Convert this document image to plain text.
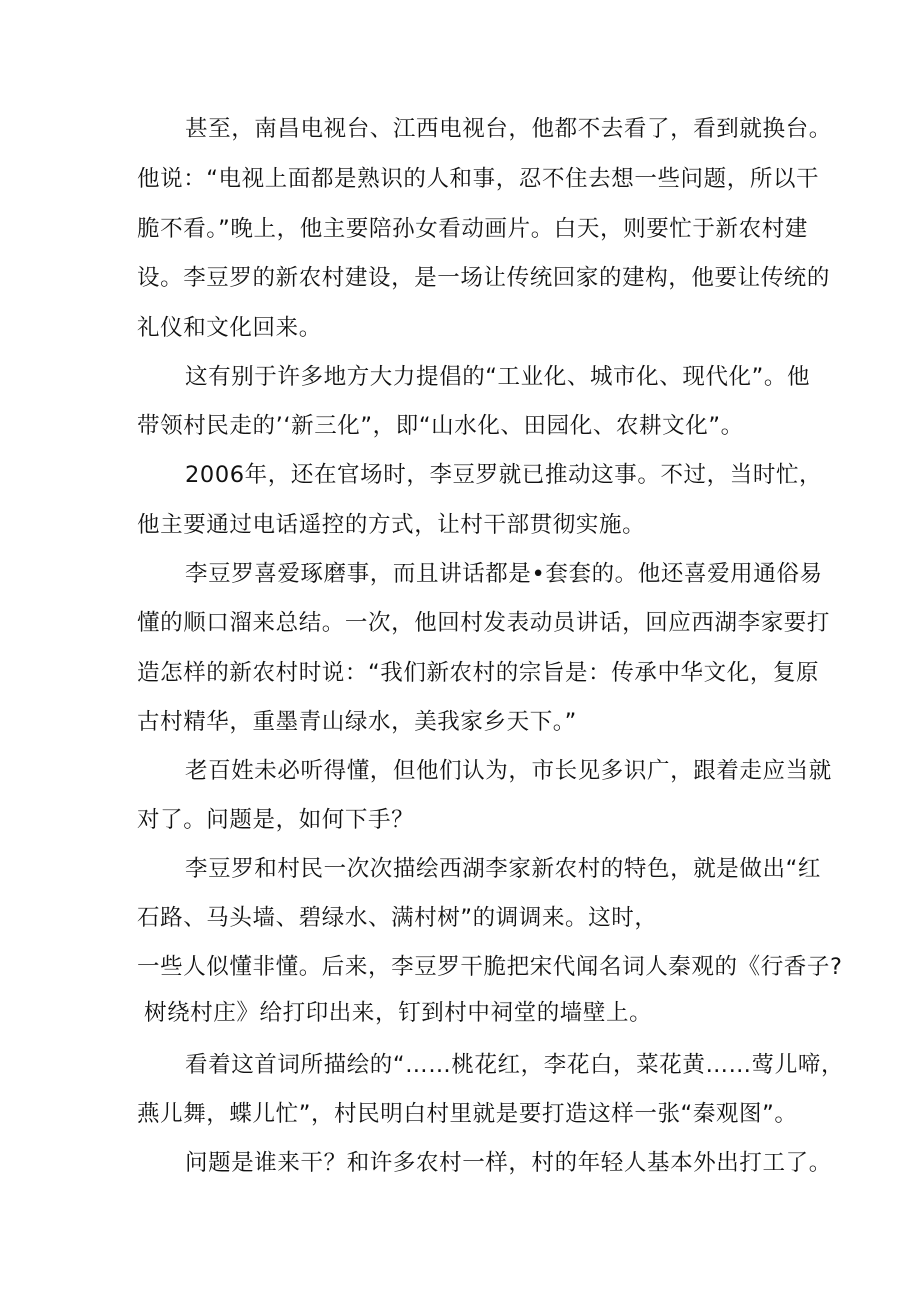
甚至，南昌电视台、江西电视台，他都不去看了，看到就换台。
他说：“电视上面都是熟识的人和事，忍不住去想一些问题，所以干
脆不看。”晚上，他主要陪孙女看动画片。白天，则要忙于新农村建
设。李豆罗的新农村建设，是一场让传统回家的建构，他要让传统的
礼仪和文化回来。
这有别于许多地方大力提倡的“工业化、城市化、现代化”。他
带领村民走的’‘新三化”，即“山水化、田园化、农耕文化”。
2006年，还在官场时，李豆罗就已推动这事。不过，当时忙，
他主要通过电话遥控的方式，让村干部贯彻实施。
李豆罗喜爱琢磨事，而且讲话都是•套套的。他还喜爱用通俗易
懂的顺口溜来总结。一次，他回村发表动员讲话，回应西湖李家要打
造怎样的新农村时说：“我们新农村的宗旨是：传承中华文化，复原
古村精华，重墨青山绿水，美我家乡天下。”
老百姓未必听得懂，但他们认为，市长见多识广，跟着走应当就
对了。问题是，如何下手？
李豆罗和村民一次次描绘西湖李家新农村的特色，就是做出“红
石路、马头墙、碧绿水、满村树”的调调来。这时，
一些人似懂非懂。后来，李豆罗干脆把宋代闻名词人秦观的《行香子?
树绕村庄》给打印出来，钉到村中祠堂的墙壁上。
看着这首词所描绘的“……桃花红，李花白，菜花黄……莺儿啼，
燕儿舞，蝶儿忙”，村民明白村里就是要打造这样一张“秦观图”。
问题是谁来干？和许多农村一样，村的年轻人基本外出打工了。
